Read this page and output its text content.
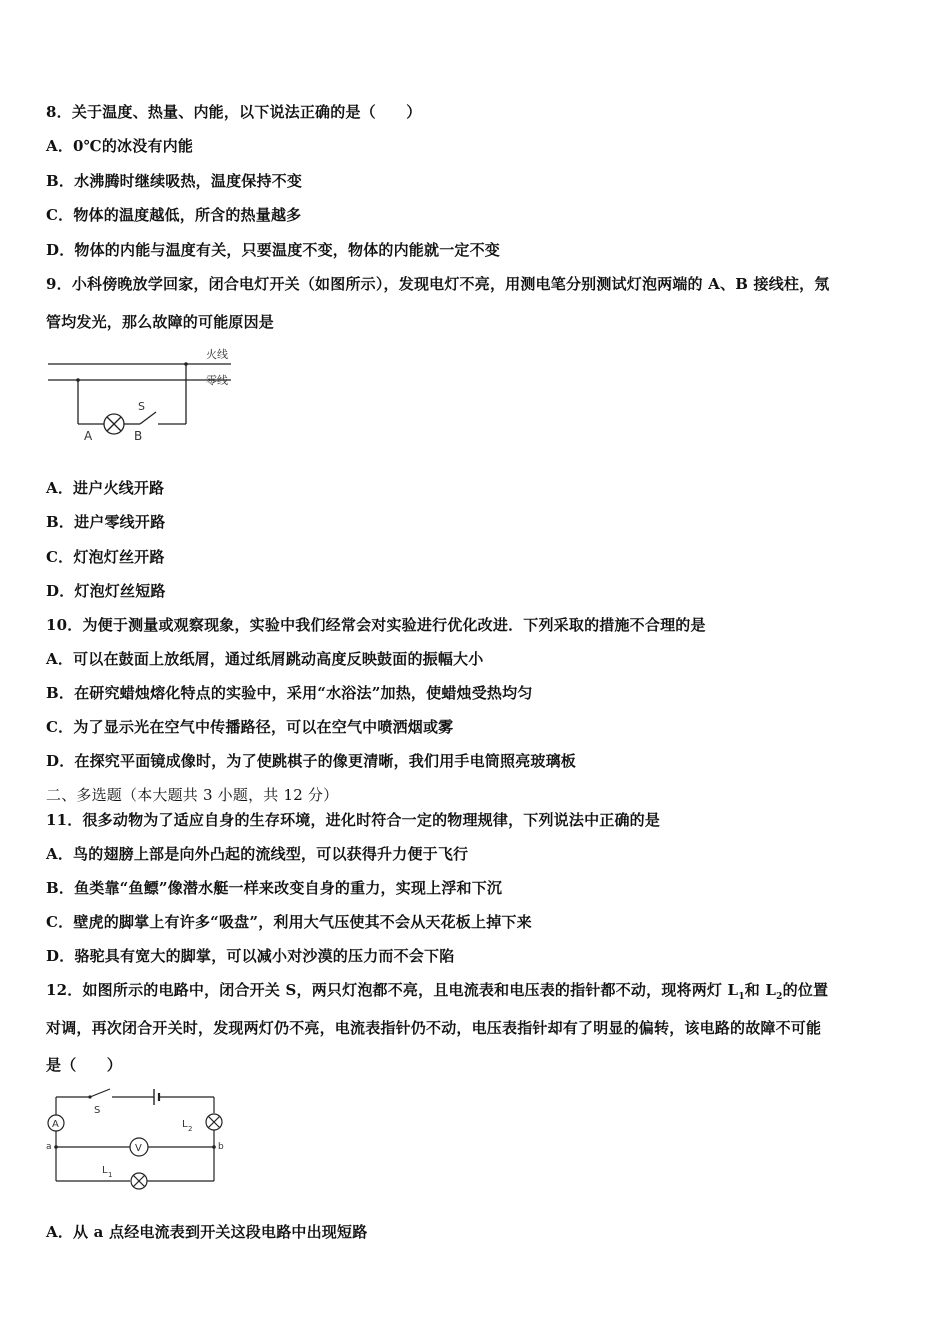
8．关于温度、热量、内能，以下说法正确的是（　　）
A．0℃的冰没有内能
B．水沸腾时继续吸热，温度保持不变
C．物体的温度越低，所含的热量越多
D．物体的内能与温度有关，只要温度不变，物体的内能就一定不变
9．小科傍晚放学回家，闭合电灯开关（如图所示），发现电灯不亮，用测电笔分别测试灯泡两端的 A、B 接线柱，氖
管均发光，那么故障的可能原因是
火线
零线
A	B
S
A．进户火线开路
B．进户零线开路
C．灯泡灯丝开路
D．灯泡灯丝短路
10．为便于测量或观察现象，实验中我们经常会对实验进行优化改进．下列采取的措施不合理的是
A．可以在鼓面上放纸屑，通过纸屑跳动高度反映鼓面的振幅大小
B．在研究蜡烛熔化特点的实验中，采用“水浴法”加热，使蜡烛受热均匀
C．为了显示光在空气中传播路径，可以在空气中喷洒烟或雾
D．在探究平面镜成像时，为了使跳棋子的像更清晰，我们用手电筒照亮玻璃板
二、多选题（本大题共 3 小题，共 12 分）
11．很多动物为了适应自身的生存环境，进化时符合一定的物理规律，下列说法中正确的是
A．鸟的翅膀上部是向外凸起的流线型，可以获得升力便于飞行
B．鱼类靠“鱼鳔”像潜水艇一样来改变自身的重力，实现上浮和下沉
C．壁虎的脚掌上有许多“吸盘”，利用大气压使其不会从天花板上掉下来
D．骆驼具有宽大的脚掌，可以减小对沙漠的压力而不会下陷
12．如图所示的电路中，闭合开关 S，两只灯泡都不亮，且电流表和电压表的指针都不动，现将两灯 $L_1$和 $L_2$的位置
对调，再次闭合开关时，发现两灯仍不亮，电流表指针仍不动，电压表指针却有了明显的偏转，该电路的故障不可能
是（　　）
S
A	L 2
a	b
V
L 1
A．从 a 点经电流表到开关这段电路中出现短路
